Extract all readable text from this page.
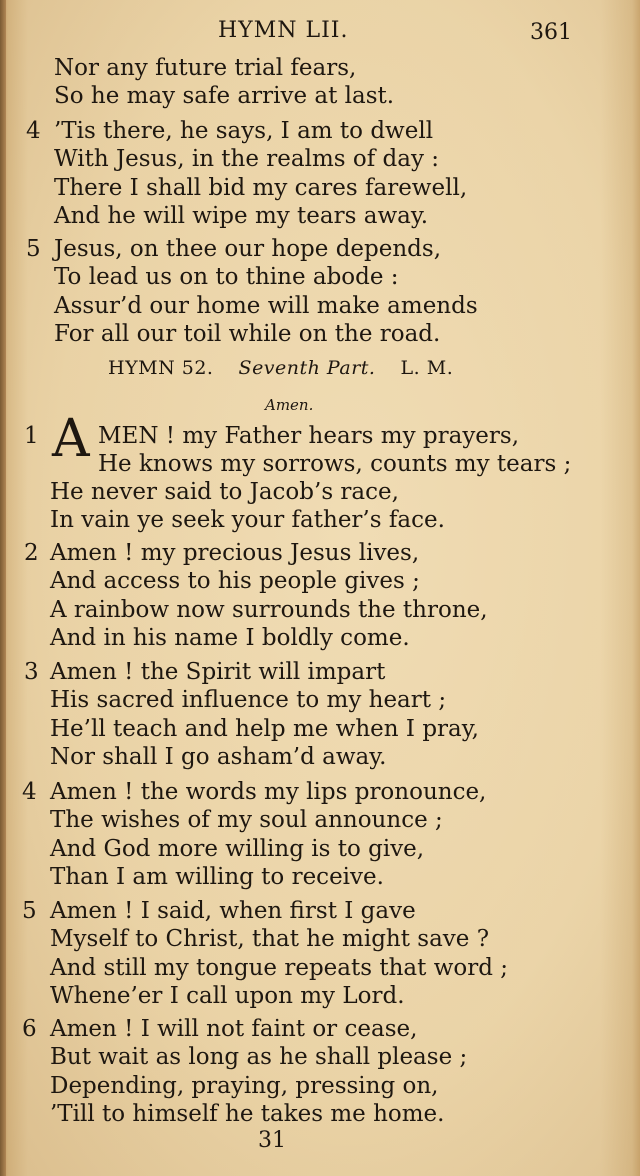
HYMN LII.	361
Nor any future trial fears,
So he may safe arrive at last.
4 ’Tis there, he says, I am to dwell
With Jesus, in the realms of day :
There I shall bid my cares farewell,
And he will wipe my tears away.
5 Jesus, on thee our hope depends,
To lead us on to thine abode :
Assur’d our home will make amends
For all our toil while on the road.
HYMN 52. Seventh Part. L. M.
Amen.
1 A MEN ! my Father hears my prayers,
He knows my sorrows, counts my tears ;
He never said to Jacob’s race,
In vain ye seek your father’s face.
2 Amen ! my precious Jesus lives,
And access to his people gives ;
A rainbow now surrounds the throne,
And in his name I boldly come.
3 Amen ! the Spirit will impart
His sacred influence to my heart ;
He’ll teach and help me when I pray,
Nor shall I go asham’d away.
4 Amen ! the words my lips pronounce,
The wishes of my soul announce ;
And God more willing is to give,
Than I am willing to receive.
5 Amen ! I said, when first I gave
Myself to Christ, that he might save ?
And still my tongue repeats that word ;
Whene’er I call upon my Lord.
6 Amen ! I will not faint or cease,
But wait as long as he shall please ;
Depending, praying, pressing on,
’Till to himself he takes me home.
31
